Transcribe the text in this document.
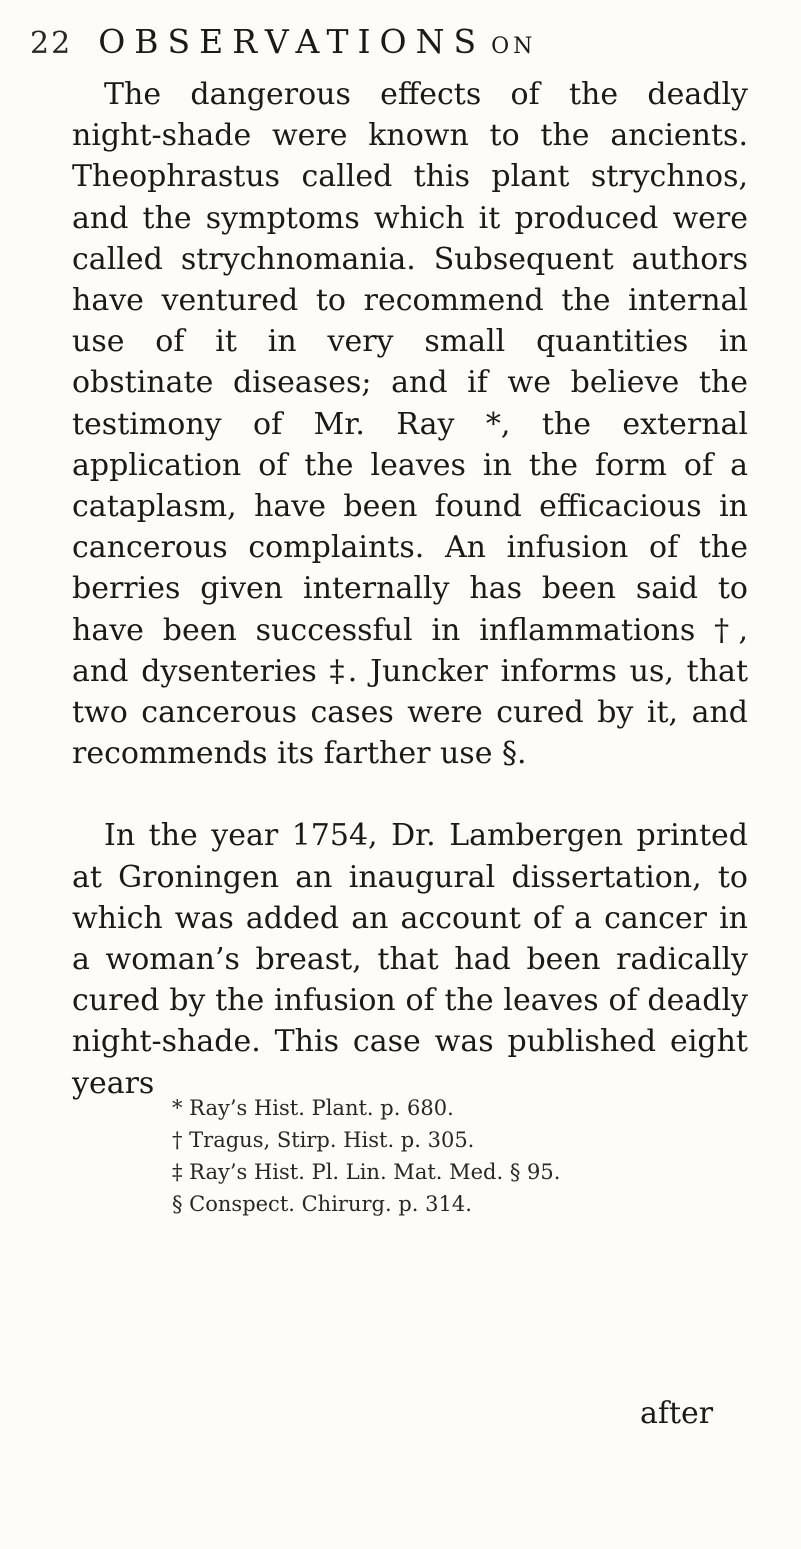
22 OBSERVATIONS ON

The dangerous effects of the deadly night-shade were known to the ancients. Theophrastus called this plant strychnos, and the symptoms which it produced were called strychnomania. Subsequent authors have ventured to recommend the internal use of it in very small quantities in obstinate diseases; and if we believe the testimony of Mr. Ray *, the external application of the leaves in the form of a cataplasm, have been found efficacious in cancerous complaints. An infusion of the berries given internally has been said to have been successful in inflammations †, and dysenteries ‡. Juncker informs us, that two cancerous cases were cured by it, and recommends its farther use §.

In the year 1754, Dr. Lambergen printed at Groningen an inaugural dissertation, to which was added an account of a cancer in a woman’s breast, that had been radically cured by the infusion of the leaves of deadly night-shade. This case was published eight years

* Ray’s Hist. Plant. p. 680.
† Tragus, Stirp. Hist. p. 305.
‡ Ray’s Hist. Pl. Lin. Mat. Med. § 95.
§ Conspect. Chirurg. p. 314.
after
